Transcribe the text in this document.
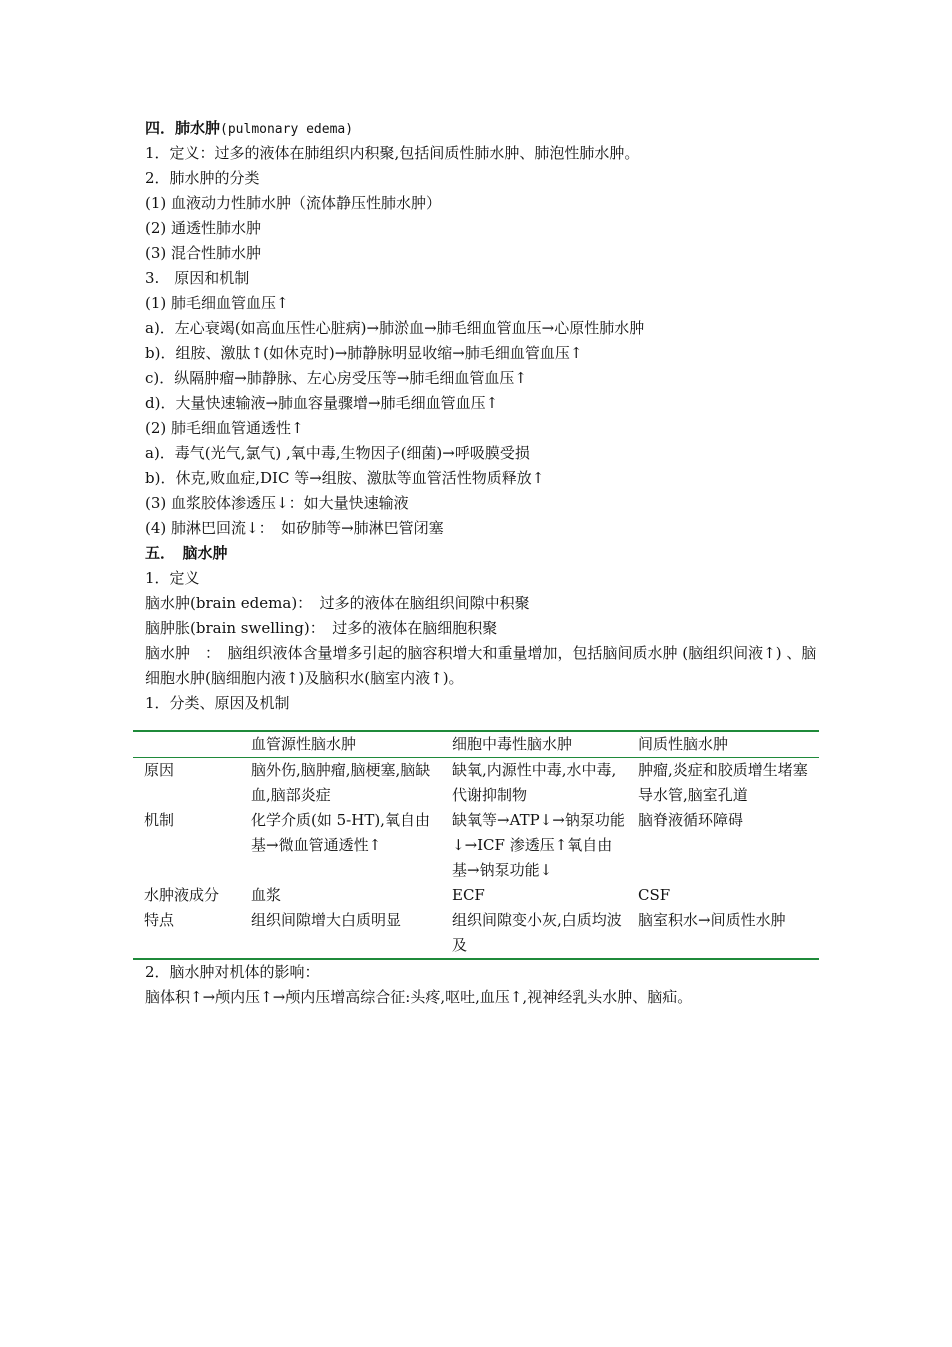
四．肺水肿(pulmonary edema)
1．定义：过多的液体在肺组织内积聚,包括间质性肺水肿、肺泡性肺水肿。
2．肺水肿的分类
(1) 血液动力性肺水肿（流体静压性肺水肿）
(2) 通透性肺水肿
(3) 混合性肺水肿
3.　原因和机制
(1) 肺毛细血管血压↑
a)．左心衰竭(如高血压性心脏病)→肺淤血→肺毛细血管血压→心原性肺水肿
b)．组胺、激肽↑(如休克时)→肺静脉明显收缩→肺毛细血管血压↑
c)．纵隔肿瘤→肺静脉、左心房受压等→肺毛细血管血压↑
d)．大量快速输液→肺血容量骤增→肺毛细血管血压↑
(2) 肺毛细血管通透性↑
a)．毒气(光气,氯气) ,氧中毒,生物因子(细菌)→呼吸膜受损
b)．休克,败血症,DIC 等→组胺、激肽等血管活性物质释放↑
(3) 血浆胶体渗透压↓：如大量快速输液
(4) 肺淋巴回流↓：　如矽肺等→肺淋巴管闭塞
五．　脑水肿
1．定义
脑水肿(brain edema)：　过多的液体在脑组织间隙中积聚
脑肿胀(brain swelling)：　过多的液体在脑细胞积聚
脑水肿　：　脑组织液体含量增多引起的脑容积增大和重量增加，包括脑间质水肿 (脑组织间液↑) 、脑细胞水肿(脑细胞内液↑)及脑积水(脑室内液↑)。
1．分类、原因及机制
	血管源性脑水肿	细胞中毒性脑水肿	间质性脑水肿
原因	脑外伤,脑肿瘤,脑梗塞,脑缺血,脑部炎症	缺氧,内源性中毒,水中毒,代谢抑制物	肿瘤,炎症和胶质增生堵塞导水管,脑室孔道
机制	化学介质(如 5-HT),氧自由基→微血管通透性↑	缺氧等→ATP↓→钠泵功能↓→ICF 渗透压↑氧自由基→钠泵功能↓	脑脊液循环障碍
水肿液成分	血浆	ECF	CSF
特点	组织间隙增大白质明显	组织间隙变小灰,白质均波及	脑室积水→间质性水肿
2．脑水肿对机体的影响：
脑体积↑→颅内压↑→颅内压增高综合征:头疼,呕吐,血压↑,视神经乳头水肿、脑疝。
